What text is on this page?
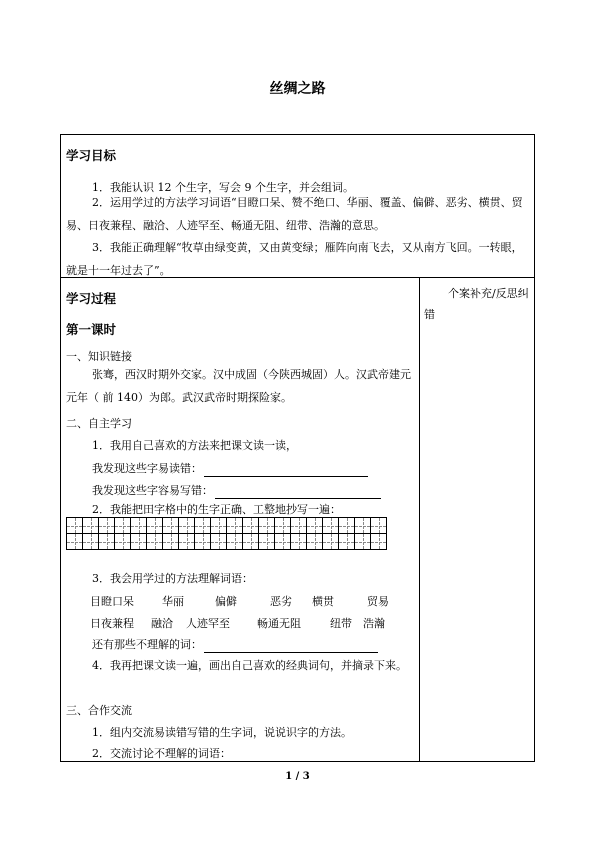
丝绸之路
学习目标
1．我能认识 12 个生字，写会 9 个生字，并会组词。
2．运用学过的方法学习词语“目瞪口呆、赞不绝口、华丽、覆盖、偏僻、恶劣、横贯、贸易、日夜兼程、融洽、人迹罕至、畅通无阻、纽带、浩瀚的意思。
3．我能正确理解“牧草由绿变黄，又由黄变绿；雁阵向南飞去，又从南方飞回。一转眼，就是十一年过去了”。
个案补充/反思纠错
学习过程
第一课时
一、知识链接
张骞，西汉时期外交家。汉中成固（今陕西城固）人。汉武帝建元元年（ 前 140）为郎。武汉武帝时期探险家。
二、自主学习
1．我用自己喜欢的方法来把课文读一读，
我发现这些字易读错：
我发现这些字容易写错：
2．我能把田字格中的生字正确、工整地抄写一遍：

3．我会用学过的方法理解词语：
目瞪口呆	华丽	偏僻	恶劣 横贯	贸易
日夜兼程 融洽 人迹罕至 畅通无阻	纽带 浩瀚
还有那些不理解的词：
4．我再把课文读一遍，画出自己喜欢的经典词句，并摘录下来。
三、合作交流
1．组内交流易读错写错的生字词，说说识字的方法。
2．交流讨论不理解的词语：
1 / 3
